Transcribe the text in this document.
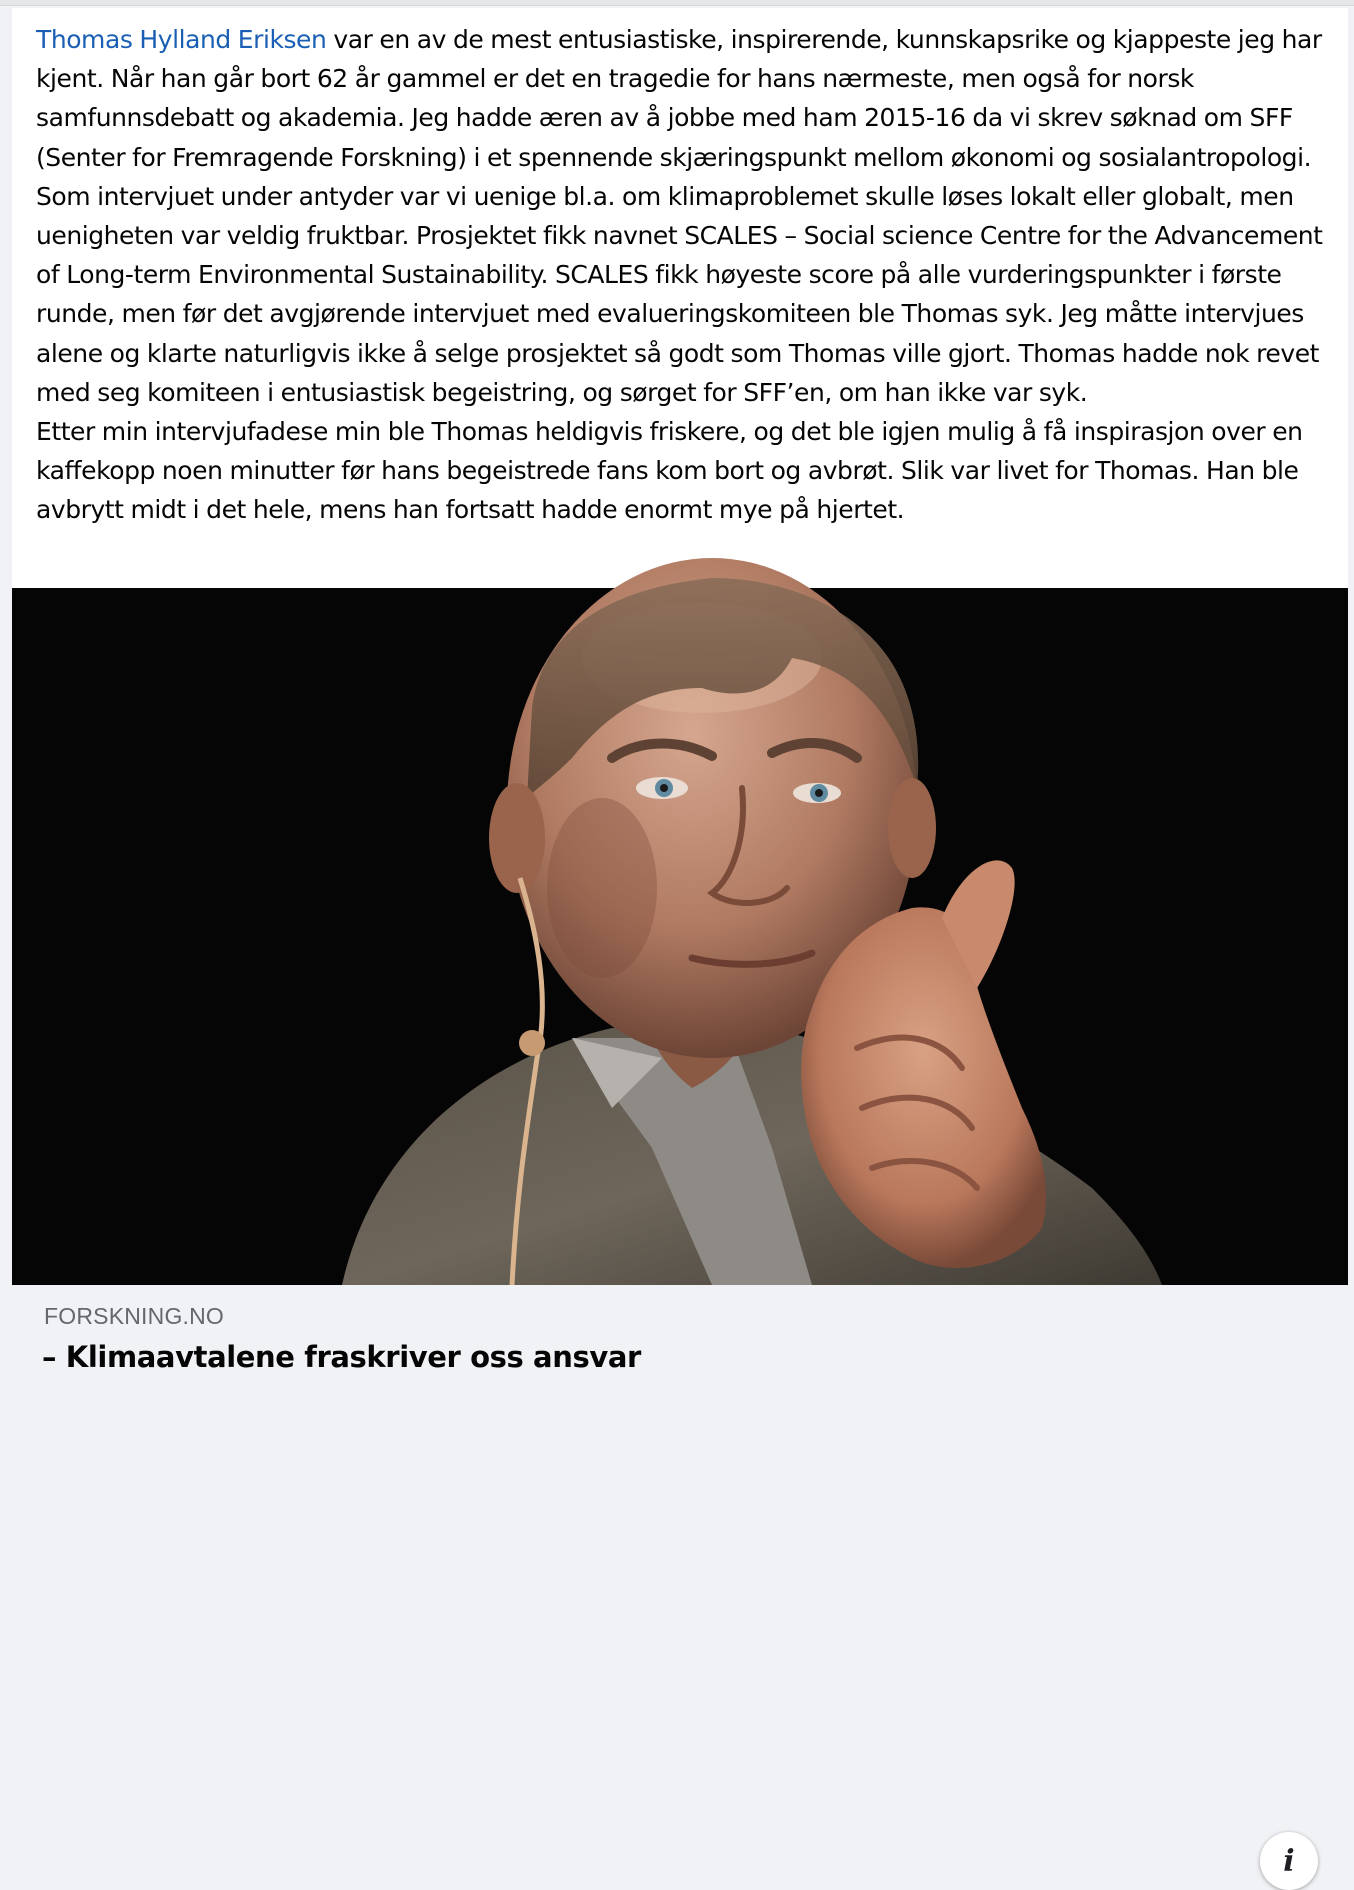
Thomas Hylland Eriksen var en av de mest entusiastiske, inspirerende, kunnskapsrike og kjappeste jeg har kjent. Når han går bort 62 år gammel er det en tragedie for hans nærmeste, men også for norsk samfunnsdebatt og akademia. Jeg hadde æren av å jobbe med ham 2015-16 da vi skrev søknad om SFF (Senter for Fremragende Forskning) i et spennende skjæringspunkt mellom økonomi og sosialantropologi. Som intervjuet under antyder var vi uenige bl.a. om klimaproblemet skulle løses lokalt eller globalt, men uenigheten var veldig fruktbar. Prosjektet fikk navnet SCALES – Social science Centre for the Advancement of Long-term Environmental Sustainability. SCALES fikk høyeste score på alle vurderingspunkter i første runde, men før det avgjørende intervjuet med evalueringskomiteen ble Thomas syk. Jeg måtte intervjues alene og klarte naturligvis ikke å selge prosjektet så godt som Thomas ville gjort. Thomas hadde nok revet med seg komiteen i entusiastisk begeistring, og sørget for SFF’en, om han ikke var syk.

Etter min intervjufadese min ble Thomas heldigvis friskere, og det ble igjen mulig å få inspirasjon over en kaffekopp noen minutter før hans begeistrede fans kom bort og avbrøt. Slik var livet for Thomas. Han ble avbrytt midt i det hele, mens han fortsatt hadde enormt mye på hjertet.

i
FORSKNING.NO
– Klimaavtalene fraskriver oss ansvar
